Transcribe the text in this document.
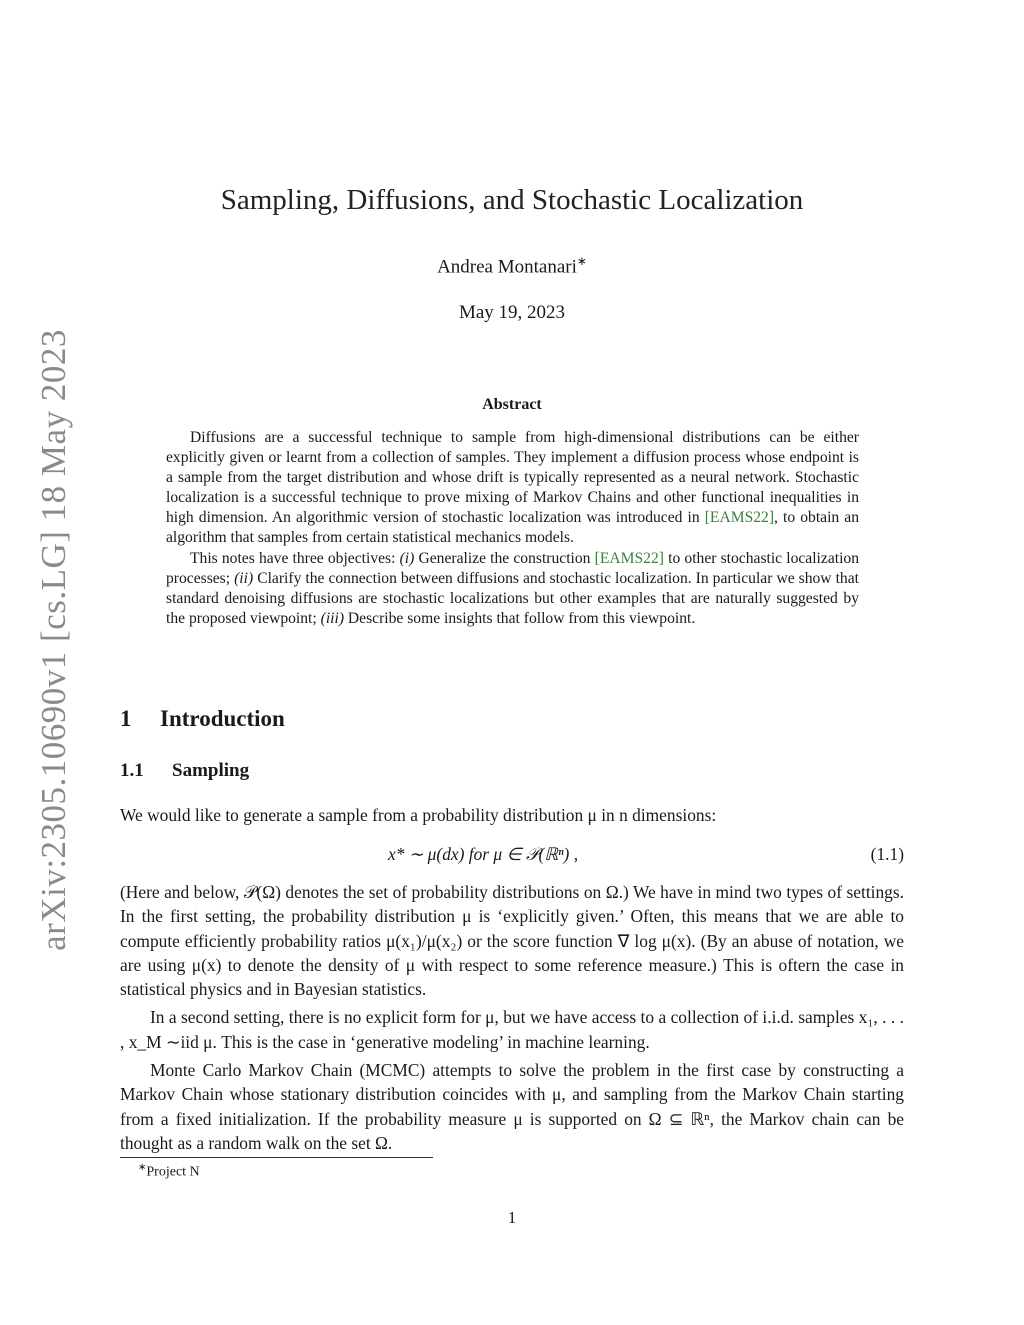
arXiv:2305.10690v1 [cs.LG] 18 May 2023
Sampling, Diffusions, and Stochastic Localization
Andrea Montanari∗
May 19, 2023
Abstract

Diffusions are a successful technique to sample from high-dimensional distributions can be either explicitly given or learnt from a collection of samples. They implement a diffusion process whose endpoint is a sample from the target distribution and whose drift is typically represented as a neural network. Stochastic localization is a successful technique to prove mixing of Markov Chains and other functional inequalities in high dimension. An algorithmic version of stochastic localization was introduced in [EAMS22], to obtain an algorithm that samples from certain statistical mechanics models.

This notes have three objectives: (i) Generalize the construction [EAMS22] to other stochastic localization processes; (ii) Clarify the connection between diffusions and stochastic localization. In particular we show that standard denoising diffusions are stochastic localizations but other examples that are naturally suggested by the proposed viewpoint; (iii) Describe some insights that follow from this viewpoint.

1 Introduction
1.1 Sampling

We would like to generate a sample from a probability distribution μ in n dimensions:

x* ∼ μ(dx) for μ ∈ 𝒫(ℝⁿ) ,	(1.1)

(Here and below, 𝒫(Ω) denotes the set of probability distributions on Ω.) We have in mind two types of settings. In the first setting, the probability distribution μ is ‘explicitly given.’ Often, this means that we are able to compute efficiently probability ratios μ(x₁)/μ(x₂) or the score function ∇ log μ(x). (By an abuse of notation, we are using μ(x) to denote the density of μ with respect to some reference measure.) This is oftern the case in statistical physics and in Bayesian statistics.

In a second setting, there is no explicit form for μ, but we have access to a collection of i.i.d. samples x₁, . . . , x_M ∼iid μ. This is the case in ‘generative modeling’ in machine learning.

Monte Carlo Markov Chain (MCMC) attempts to solve the problem in the first case by constructing a Markov Chain whose stationary distribution coincides with μ, and sampling from the Markov Chain starting from a fixed initialization. If the probability measure μ is supported on Ω ⊆ ℝⁿ, the Markov chain can be thought as a random walk on the set Ω.

∗Project N
1
